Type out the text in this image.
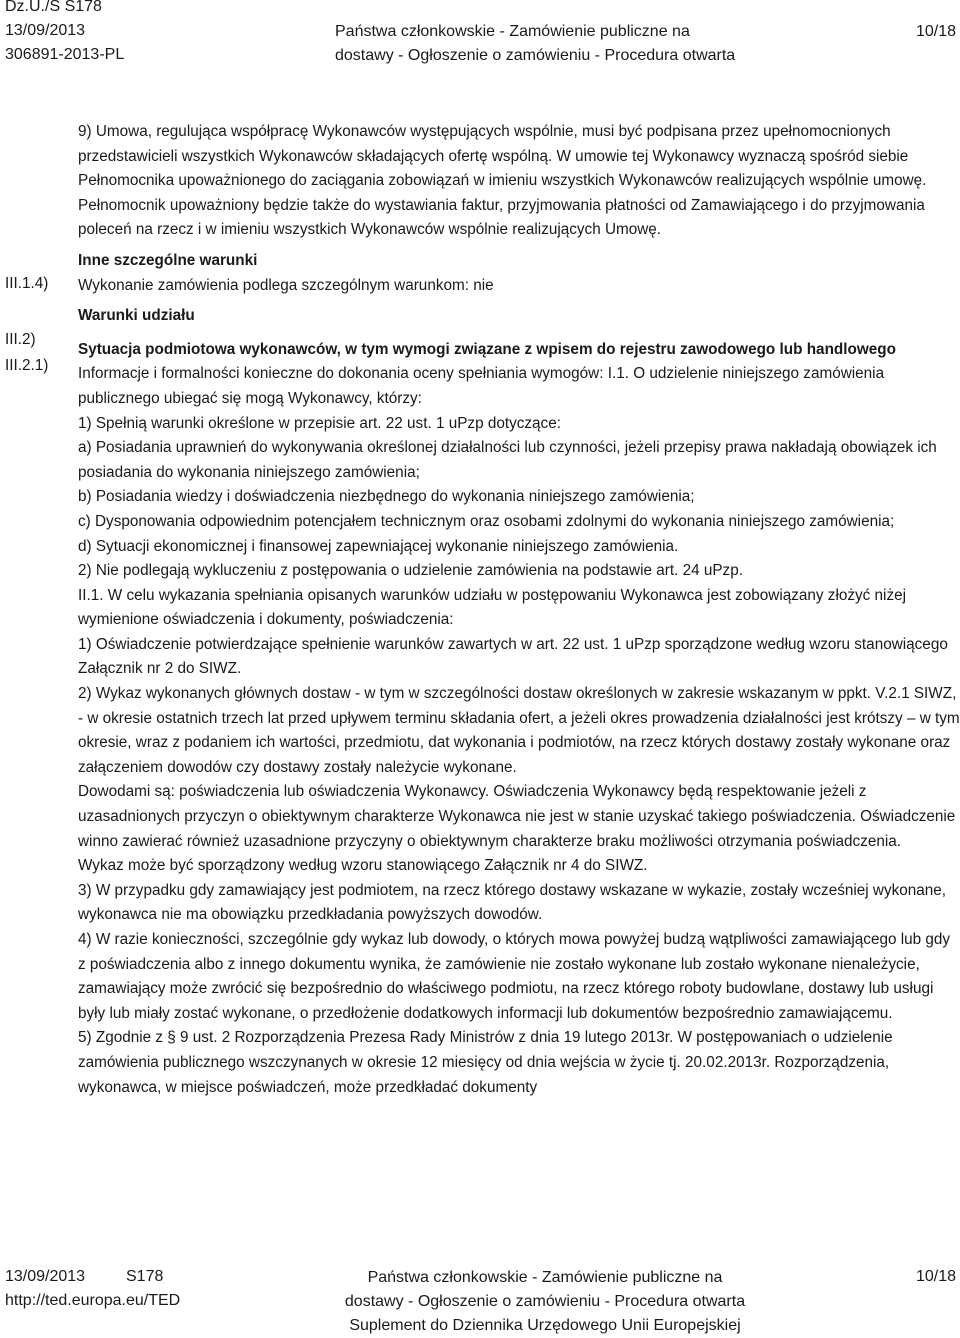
Dz.U./S S178
13/09/2013
306891-2013-PL
Państwa członkowskie - Zamówienie publiczne na
dostawy - Ogłoszenie o zamówieniu - Procedura otwarta
10/18
III.1.4)
III.2)
III.2.1)

9) Umowa, regulująca współpracę Wykonawców występujących wspólnie, musi być podpisana przez upełnomocnionych przedstawicieli wszystkich Wykonawców składających ofertę wspólną. W umowie tej Wykonawcy wyznaczą spośród siebie Pełnomocnika upoważnionego do zaciągania zobowiązań w imieniu wszystkich Wykonawców realizujących wspólnie umowę. Pełnomocnik upoważniony będzie także do wystawiania faktur, przyjmowania płatności od Zamawiającego i do przyjmowania poleceń na rzecz i w imieniu wszystkich Wykonawców wspólnie realizujących Umowę.

Inne szczególne warunki

Wykonanie zamówienia podlega szczególnym warunkom: nie

Warunki udziału

Sytuacja podmiotowa wykonawców, w tym wymogi związane z wpisem do rejestru zawodowego lub handlowego

Informacje i formalności konieczne do dokonania oceny spełniania wymogów: I.1. O udzielenie niniejszego zamówienia publicznego ubiegać się mogą Wykonawcy, którzy:

1) Spełnią warunki określone w przepisie art. 22 ust. 1 uPzp dotyczące:

a) Posiadania uprawnień do wykonywania określonej działalności lub czynności, jeżeli przepisy prawa nakładają obowiązek ich posiadania do wykonania niniejszego zamówienia;

b) Posiadania wiedzy i doświadczenia niezbędnego do wykonania niniejszego zamówienia;

c) Dysponowania odpowiednim potencjałem technicznym oraz osobami zdolnymi do wykonania niniejszego zamówienia;

d) Sytuacji ekonomicznej i finansowej zapewniającej wykonanie niniejszego zamówienia.

2) Nie podlegają wykluczeniu z postępowania o udzielenie zamówienia na podstawie art. 24 uPzp.

II.1. W celu wykazania spełniania opisanych warunków udziału w postępowaniu Wykonawca jest zobowiązany złożyć niżej wymienione oświadczenia i dokumenty, poświadczenia:

1) Oświadczenie potwierdzające spełnienie warunków zawartych w art. 22 ust. 1 uPzp sporządzone według wzoru stanowiącego Załącznik nr 2 do SIWZ.

2) Wykaz wykonanych głównych dostaw - w tym w szczególności dostaw określonych w zakresie wskazanym w ppkt. V.2.1 SIWZ, - w okresie ostatnich trzech lat przed upływem terminu składania ofert, a jeżeli okres prowadzenia działalności jest krótszy – w tym okresie, wraz z podaniem ich wartości, przedmiotu, dat wykonania i podmiotów, na rzecz których dostawy zostały wykonane oraz załączeniem dowodów czy dostawy zostały należycie wykonane.

Dowodami są: poświadczenia lub oświadczenia Wykonawcy. Oświadczenia Wykonawcy będą respektowanie jeżeli z uzasadnionych przyczyn o obiektywnym charakterze Wykonawca nie jest w stanie uzyskać takiego poświadczenia. Oświadczenie winno zawierać również uzasadnione przyczyny o obiektywnym charakterze braku możliwości otrzymania poświadczenia.

Wykaz może być sporządzony według wzoru stanowiącego Załącznik nr 4 do SIWZ.

3) W przypadku gdy zamawiający jest podmiotem, na rzecz którego dostawy wskazane w wykazie, zostały wcześniej wykonane, wykonawca nie ma obowiązku przedkładania powyższych dowodów.

4) W razie konieczności, szczególnie gdy wykaz lub dowody, o których mowa powyżej budzą wątpliwości zamawiającego lub gdy z poświadczenia albo z innego dokumentu wynika, że zamówienie nie zostało wykonane lub zostało wykonane nienależycie, zamawiający może zwrócić się bezpośrednio do właściwego podmiotu, na rzecz którego roboty budowlane, dostawy lub usługi były lub miały zostać wykonane, o przedłożenie dodatkowych informacji lub dokumentów bezpośrednio zamawiającemu.

5) Zgodnie z § 9 ust. 2 Rozporządzenia Prezesa Rady Ministrów z dnia 19 lutego 2013r. W postępowaniach o udzielenie zamówienia publicznego wszczynanych w okresie 12 miesięcy od dnia wejścia w życie tj. 20.02.2013r. Rozporządzenia, wykonawca, w miejsce poświadczeń, może przedkładać dokumenty

13/09/2013	S178
http://ted.europa.eu/TED
Państwa członkowskie - Zamówienie publiczne na
dostawy - Ogłoszenie o zamówieniu - Procedura otwarta
Suplement do Dziennika Urzędowego Unii Europejskiej
10/18
